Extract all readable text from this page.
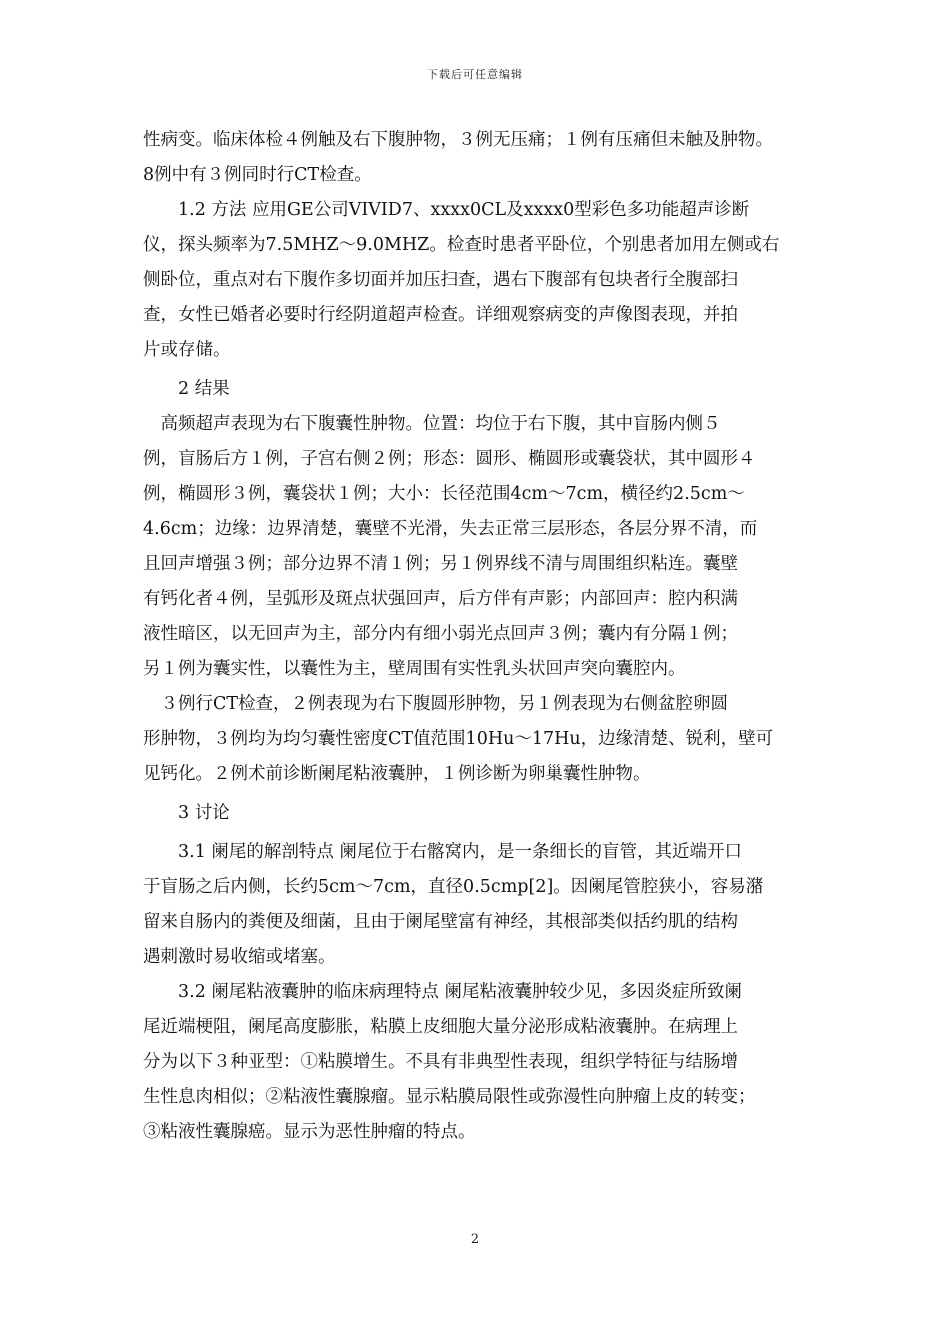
下载后可任意编辑
性病变。临床体检４例触及右下腹肿物，３例无压痛；１例有压痛但未触及肿物。
8例中有３例同时行CT检查。
　　1.2 方法 应用GE公司VIVID7、xxxx0CL及xxxx0型彩色多功能超声诊断
仪，探头频率为7.5MHZ～9.0MHZ。检查时患者平卧位，个别患者加用左侧或右
侧卧位，重点对右下腹作多切面并加压扫查，遇右下腹部有包块者行全腹部扫
查，女性已婚者必要时行经阴道超声检查。详细观察病变的声像图表现，并拍
片或存储。
　　2 结果
　高频超声表现为右下腹囊性肿物。位置：均位于右下腹，其中盲肠内侧５
例，盲肠后方１例，子宫右侧２例；形态：圆形、椭圆形或囊袋状，其中圆形４
例，椭圆形３例，囊袋状１例；大小：长径范围4cm～7cm，横径约2.5cm～
4.6cm；边缘：边界清楚，囊壁不光滑，失去正常三层形态，各层分界不清，而
且回声增强３例；部分边界不清１例；另１例界线不清与周围组织粘连。囊壁
有钙化者４例，呈弧形及斑点状强回声，后方伴有声影；内部回声：腔内积满
液性暗区，以无回声为主，部分内有细小弱光点回声３例；囊内有分隔１例；
另１例为囊实性，以囊性为主，壁周围有实性乳头状回声突向囊腔内。
　３例行CT检查，２例表现为右下腹圆形肿物，另１例表现为右侧盆腔卵圆
形肿物，３例均为均匀囊性密度CT值范围10Hu～17Hu，边缘清楚、锐利，壁可
见钙化。２例术前诊断阑尾粘液囊肿，１例诊断为卵巢囊性肿物。
　　3 讨论
　　3.1 阑尾的解剖特点 阑尾位于右髂窝内，是一条细长的盲管，其近端开口
于盲肠之后内侧，长约5cm～7cm，直径0.5cmp[2]。因阑尾管腔狭小，容易潴
留来自肠内的粪便及细菌，且由于阑尾壁富有神经，其根部类似括约肌的结构
遇刺激时易收缩或堵塞。
　　3.2 阑尾粘液囊肿的临床病理特点 阑尾粘液囊肿较少见，多因炎症所致阑
尾近端梗阻，阑尾高度膨胀，粘膜上皮细胞大量分泌形成粘液囊肿。在病理上
分为以下３种亚型：①粘膜增生。不具有非典型性表现，组织学特征与结肠增
生性息肉相似；②粘液性囊腺瘤。显示粘膜局限性或弥漫性向肿瘤上皮的转变；
③粘液性囊腺癌。显示为恶性肿瘤的特点。
2
